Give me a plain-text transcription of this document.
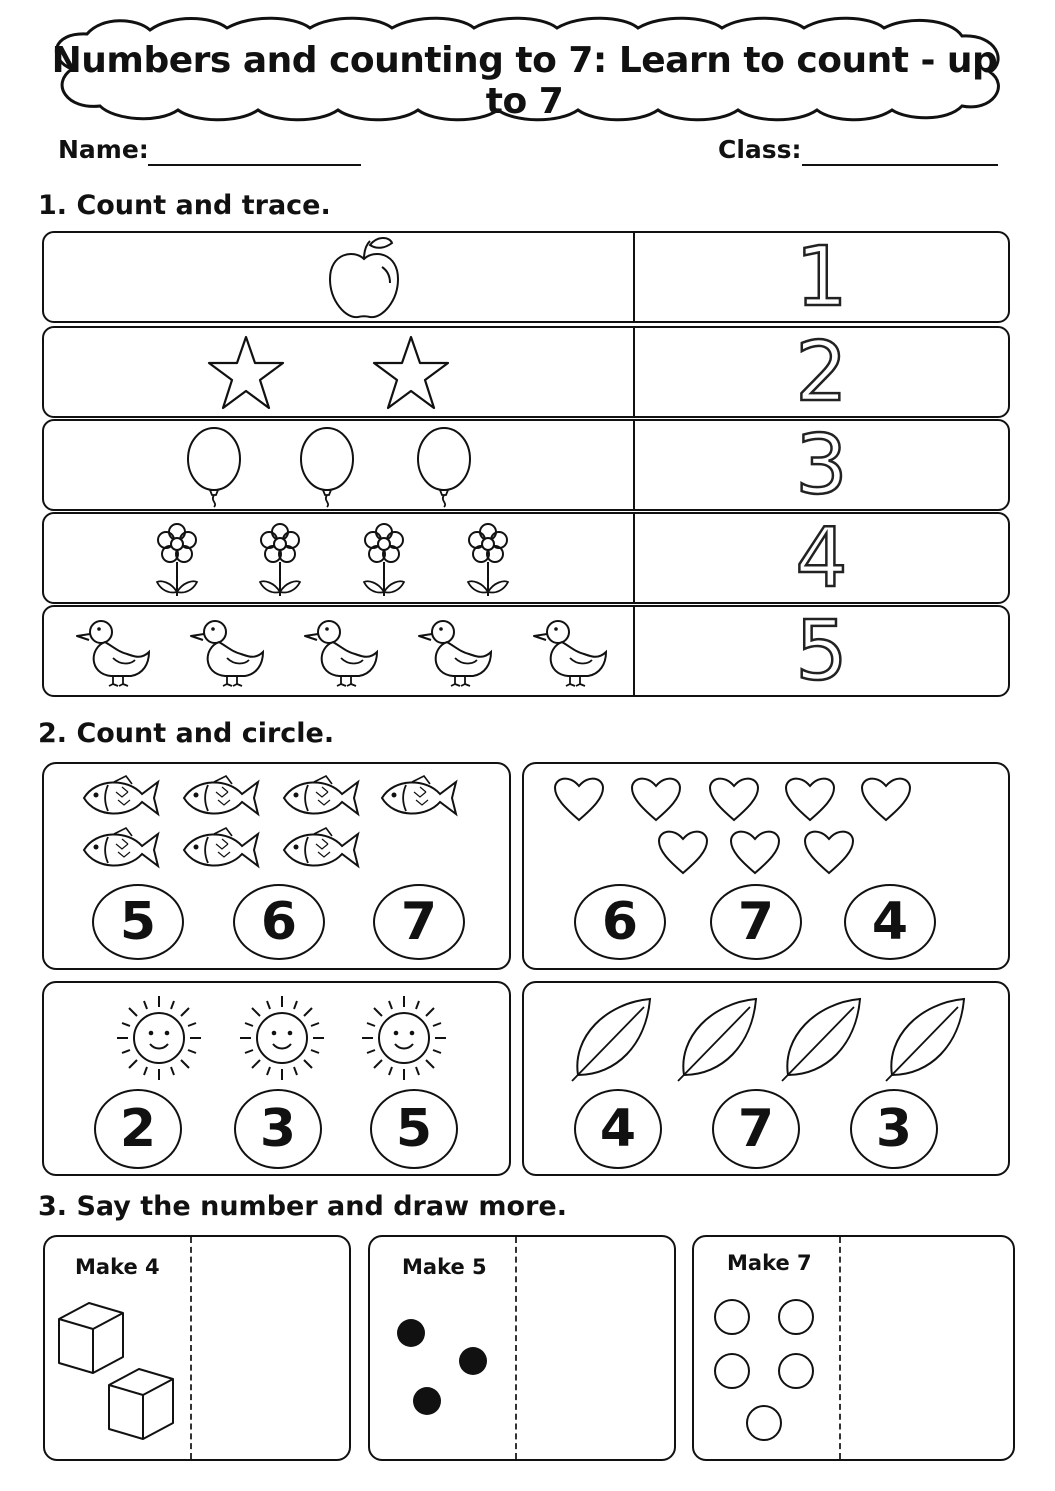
Numbers and counting to 7: Learn to count - up to 7
Name:	Class:
1. Count and trace.
1
2
3
4
5
2. Count and circle.
5	6	7	6	7	4
2	3	5	4	7	3
3. Say the number and draw more.
Make 4	Make 5	Make 7
